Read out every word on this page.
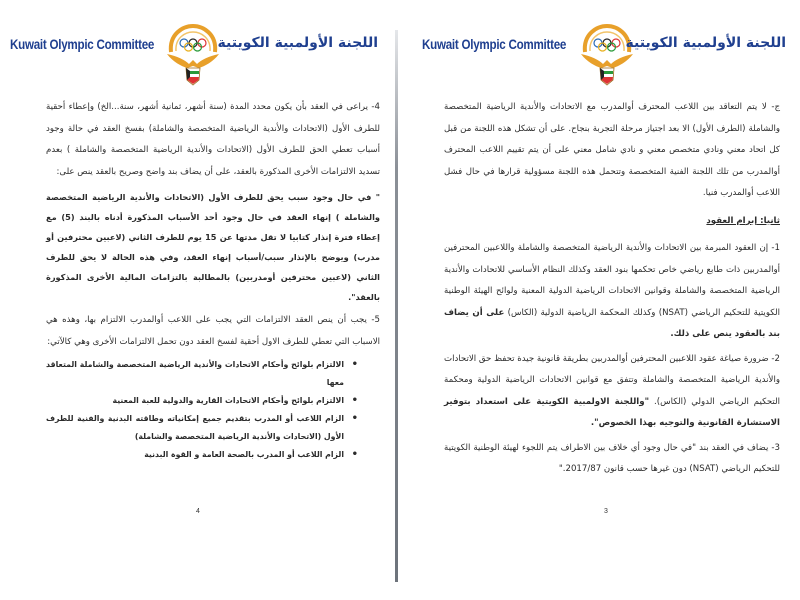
Kuwait Olympic Committee	اللجنة الأولمبية الكويتية

4- يراعى في العقد بأن يكون محدد المدة (سنة أشهر، ثمانية أشهر، سنة...الخ) وإعطاء أحقية للطرف الأول (الاتحادات والأندية الرياضية المتخصصة والشاملة) بفسخ العقد في حالة وجود أسباب تعطي الحق للطرف الأول (الاتحادات والأندية الرياضية المتخصصة والشاملة ) بعدم تسديد الالتزامات الأخرى المذكورة بالعقد، على أن يضاف بند واضح وصريح بالعقد ينص على:

" في حال وجود سبب يحق للطرف الأول (الاتحادات والأندية الرياضية المتخصصة والشاملة ) إنهاء العقد في حال وجود أحد الأسباب المذكورة أدناه بالبند (5) مع إعطاء فترة إنذار كتابيا لا تقل مدتها عن 15 يوم للطرف الثاني (لاعبين محترفين أو مدرب) ويوضح بالإنذار سبب/أسباب إنهاء العقد، وفي هذه الحالة لا يحق للطرف الثاني (لاعبين محترفين أومدربين) بالمطالبة بالتزامات المالية الأخرى المذكورة بالعقد".

5- يجب أن ينص العقد الالتزامات التي يجب على اللاعب أوالمدرب الالتزام بها، وهذه هي الاسباب التي تعطي للطرف الاول أحقية لفسخ العقد دون تحمل الالتزامات الأخرى وهي كالآتي:

• الالتزام بلوائح وأحكام الاتحادات والأندية الرياضية المتخصصة والشاملة المتعاقد معها
• الالتزام بلوائح وأحكام الاتحادات القارية والدولية للعبة المعنية
• الزام اللاعب أو المدرب بتقديم جميع إمكانياته وطاقته البدنية والفنية للطرف الأول (الاتحادات والأندية الرياضية المتخصصة والشاملة)
• الزام اللاعب أو المدرب بالصحة العامة و القوة البدنية
4
Kuwait Olympic Committee	اللجنة الأولمبية الكويتية

ج- لا يتم التعاقد بين اللاعب المحترف أوالمدرب مع الاتحادات والأندية الرياضية المتخصصة والشاملة (الطرف الأول) الا بعد اجتياز مرحلة التجربة بنجاح. على أن تشكل هذه اللجنة من قبل كل اتحاد معني ونادي متخصص معني و نادي شامل معني على أن يتم تقييم اللاعب المحترف أوالمدرب من تلك اللجنة الفنية المتخصصة وتتحمل هذه اللجنة مسؤولية قرارها في حال فشل اللاعب أوالمدرب فنيا.

ثانيا: إبرام العقود

1- إن العقود المبرمة بين الاتحادات والأندية الرياضية المتخصصة والشاملة واللاعبين المحترفين أوالمدربين ذات طابع رياضي خاص تحكمها بنود العقد وكذلك النظام الأساسي للاتحادات والأندية الرياضية المتخصصة والشاملة وقوانين الاتحادات الرياضية الدولية المعنية ولوائح الهيئة الوطنية الكويتية للتحكيم الرياضي (NSAT) وكذلك المحكمة الرياضية الدولية (الكاس) على أن يضاف بند بالعقود ينص على ذلك.

2- ضرورة صياغة عقود اللاعبين المحترفين أوالمدربين بطريقة قانونية جيدة تحفظ حق الاتحادات والأندية الرياضية المتخصصة والشاملة وتتفق مع قوانين الاتحادات الرياضية الدولية ومحكمة التحكيم الرياضي الدولي (الكاس). "واللجنة الاولمبية الكويتية على استعداد بتوفير الاستشارة القانونية والتوجيه بهذا الخصوص".

3- يضاف في العقد بند "في حال وجود أي خلاف بين الاطراف يتم اللجوء لهيئة الوطنية الكويتية للتحكيم الرياضي (NSAT) دون غيرها حسب قانون 2017/87."

3
